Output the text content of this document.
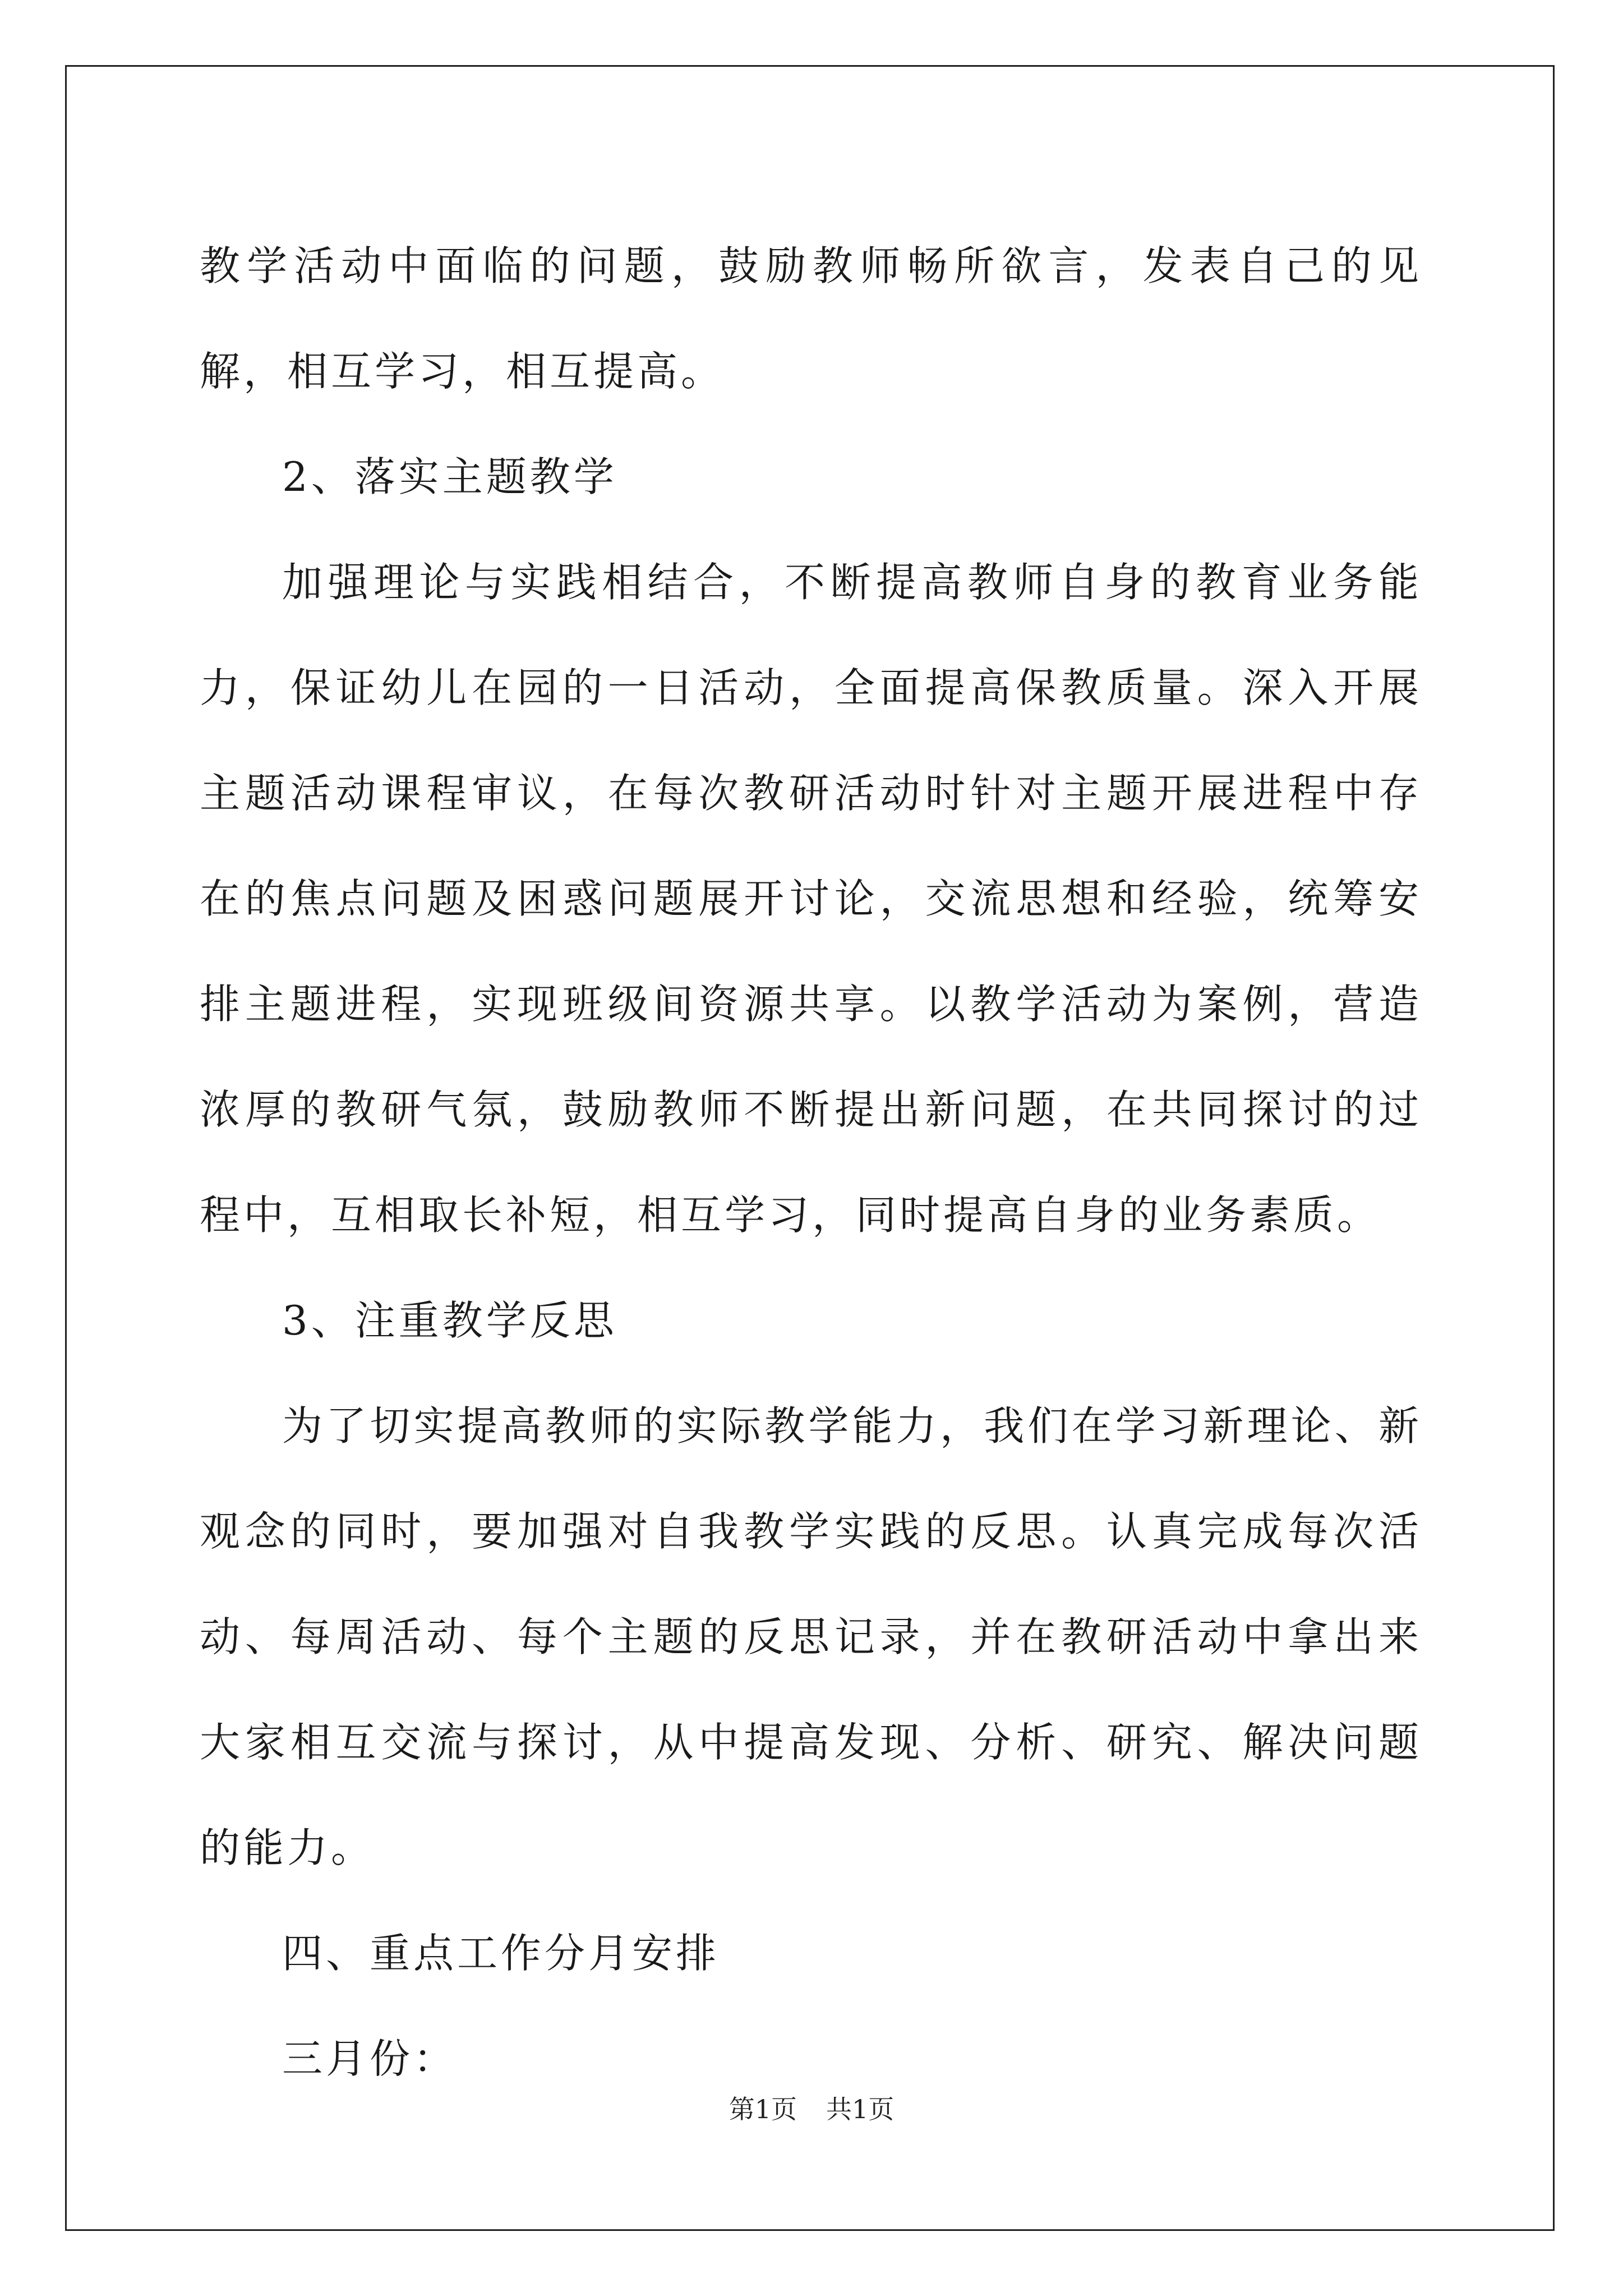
教学活动中面临的问题，鼓励教师畅所欲言，发表自己的见解，相互学习，相互提高。

2、落实主题教学

加强理论与实践相结合，不断提高教师自身的教育业务能力，保证幼儿在园的一日活动，全面提高保教质量。深入开展主题活动课程审议，在每次教研活动时针对主题开展进程中存在的焦点问题及困惑问题展开讨论，交流思想和经验，统筹安排主题进程，实现班级间资源共享。以教学活动为案例，营造浓厚的教研气氛，鼓励教师不断提出新问题，在共同探讨的过程中，互相取长补短，相互学习，同时提高自身的业务素质。

3、注重教学反思

为了切实提高教师的实际教学能力，我们在学习新理论、新观念的同时，要加强对自我教学实践的反思。认真完成每次活动、每周活动、每个主题的反思记录，并在教研活动中拿出来大家相互交流与探讨，从中提高发现、分析、研究、解决问题的能力。

四、重点工作分月安排

三月份：

第1页 共1页
